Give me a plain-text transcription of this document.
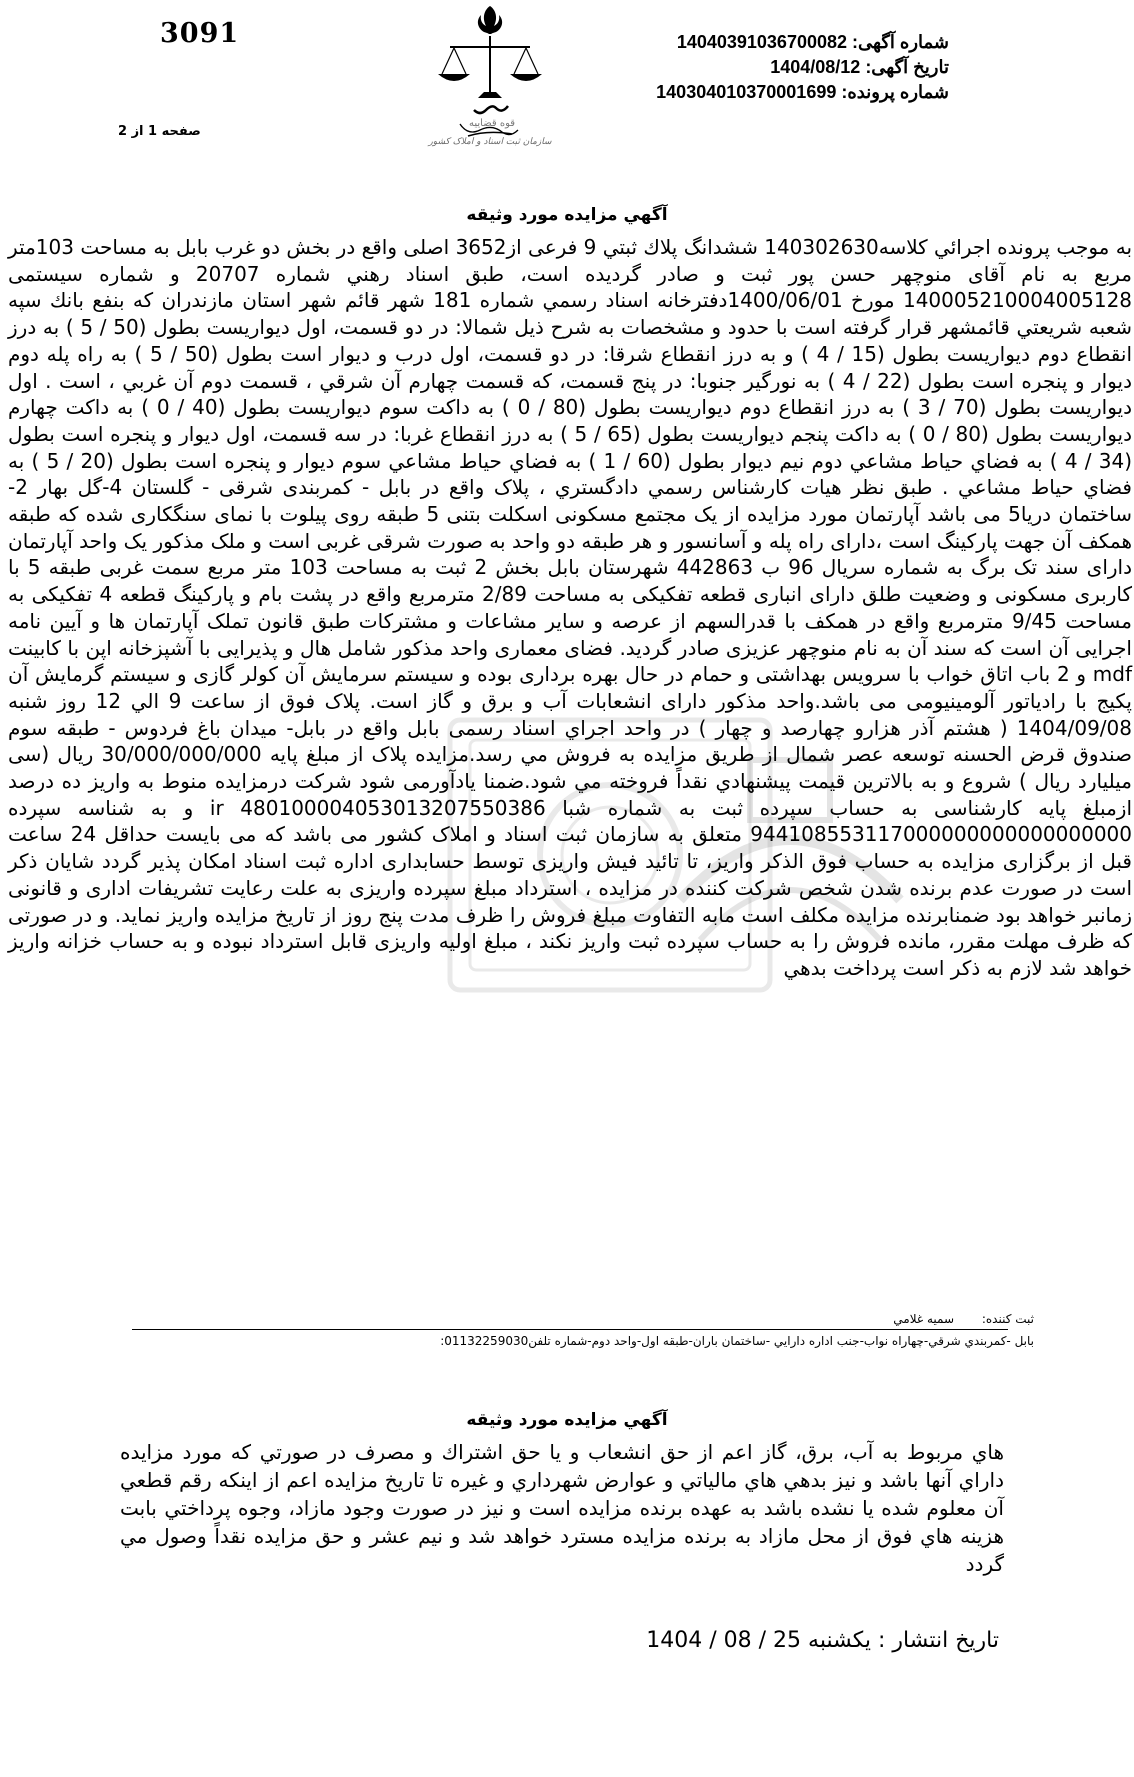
3091
صفحه 1 از 2
قوه قضاییه
سازمان ثبت اسناد و املاک کشور
شماره آگهی: 14040391036700082
تاریخ آگهی: 1404/08/12
شماره پرونده: 140304010370001699
آگهي مزايده مورد وثيقه
به موجب پرونده اجرائي كلاسه140302630 ششدانگ پلاك ثبتي 9 فرعی از3652 اصلی واقع در بخش دو غرب بابل به مساحت 103متر مربع به نام آقای منوچهر حسن پور ثبت و صادر گرديده است، طبق اسناد رهني شماره 20707 و شماره سیستمی 140005210004005128 مورخ 1400/06/01دفترخانه اسناد رسمي شماره 181 شهر قائم شهر استان مازندران كه بنفع بانك سپه شعبه شريعتي قائمشهر قرار گرفته است با حدود و مشخصات به شرح ذيل شمالا: در دو قسمت، اول دیواریست بطول (50 / 5 ) به درز انقطاع دوم دیواریست بطول (15 / 4 ) و به درز انقطاع شرقا: در دو قسمت، اول درب و دیوار است بطول (50 / 5 ) به راه پله دوم دیوار و پنجره است بطول (22 / 4 ) به نورگیر جنوبا: در پنج قسمت، كه قسمت چهارم آن شرقي ، قسمت دوم آن غربي ، است . اول دیواریست بطول (70 / 3 ) به درز انقطاع دوم دیواریست بطول (80 / 0 ) به داكت سوم دیواریست بطول (40 / 0 ) به داكت چهارم دیواریست بطول (80 / 0 ) به داكت پنجم دیواریست بطول (65 / 5 ) به درز انقطاع غربا: در سه قسمت، اول دیوار و پنجره است بطول (34 / 4 ) به فضاي حياط مشاعي دوم نيم ديوار بطول (60 / 1 ) به فضاي حياط مشاعي سوم ديوار و پنجره است بطول (20 / 5 ) به فضاي حياط مشاعي . طبق نظر هيات كارشناس رسمي دادگستري ، پلاک واقع در بابل - کمربندی شرقی - گلستان 4-گل بهار 2-ساختمان دريا5 می باشد آپارتمان مورد مزایده از یک مجتمع مسکونی اسکلت بتنی 5 طبقه روی پیلوت با نمای سنگکاری شده که طبقه همکف آن جهت پارکینگ است ،دارای راه پله و آسانسور و هر طبقه دو واحد به صورت شرقی غربی است و ملک مذکور یک واحد آپارتمان دارای سند تک برگ به شماره سریال 96 ب 442863 شهرستان بابل بخش 2 ثبت به مساحت 103 متر مربع سمت غربی طبقه 5 با کاربری مسکونی و وضعیت طلق دارای انباری قطعه تفکیکی به مساحت 2/89 مترمربع واقع در پشت بام و پارکینگ قطعه 4 تفکیکی به مساحت 9/45 مترمربع واقع در همکف با قدرالسهم از عرصه و سایر مشاعات و مشترکات طبق قانون تملک آپارتمان ها و آیین نامه اجرایی آن است که سند آن به نام منوچهر عزیزی صادر گردید. فضای معماری واحد مذکور شامل هال و پذیرایی با آشپزخانه اپن با کابینت mdf و 2 باب اتاق خواب با سرویس بهداشتی و حمام در حال بهره برداری بوده و سیستم سرمایش آن کولر گازی و سیستم گرمایش آن پکیج با رادیاتور آلومینیومی می باشد.واحد مذکور دارای انشعابات آب و برق و گاز است. پلاک فوق از ساعت 9 الي 12 روز شنبه 1404/09/08 ( هشتم آذر هزارو چهارصد و چهار ) در واحد اجراي اسناد رسمی بابل واقع در بابل- میدان باغ فردوس - طبقه سوم صندوق قرض الحسنه توسعه عصر شمال از طريق مزايده به فروش مي رسد.مزايده پلاک از مبلغ پايه 30/000/000/000 ريال (سی میلیارد ریال ) شروع و به بالاترين قيمت پيشنهادي نقداً فروخته مي شود.ضمنا يادآورمی شود شرکت درمزايده منوط به واريز ده درصد ازمبلغ پايه کارشناسی به حساب سپرده ثبت به شماره شبا ir 480100004053013207550386 و به شناسه سپرده 944108553117000000000000000000 متعلق به سازمان ثبت اسناد و املاک کشور می باشد که می بايست حداقل 24 ساعت قبل از برگزاری مزايده به حساب فوق الذکر واريز، تا تائيد فيش واريزی توسط حسابداری اداره ثبت اسناد امکان پذير گردد شايان ذکر است در صورت عدم برنده شدن شخص شرکت کننده در مزايده ، استرداد مبلغ سپرده واريزی به علت رعايت تشريفات اداری و قانونی زمانبر خواهد بود ضمنابرنده مزايده مکلف است مابه التفاوت مبلغ فروش را ظرف مدت پنج روز از تاريخ مزايده واريز نمايد. و در صورتی که ظرف مهلت مقرر، مانده فروش را به حساب سپرده ثبت واريز نکند ، مبلغ اوليه واريزی قابل استرداد نبوده و به حساب خزانه واريز خواهد شد لازم به ذکر است پرداخت بدهي
ثبت كننده: سميه غلامي
بابل -كمربندي شرقي-چهاراه نواب-جنب اداره دارايي -ساختمان باران-طبقه اول-واحد دوم-شماره تلفن01132259030:
آگهي مزايده مورد وثيقه
هاي مربوط به آب، برق، گاز اعم از حق انشعاب و يا حق اشتراك و مصرف در صورتي كه مورد مزايده داراي آنها باشد و نيز بدهي هاي مالياتي و عوارض شهرداري و غيره تا تاريخ مزايده اعم از اينكه رقم قطعي آن معلوم شده يا نشده باشد به عهده برنده مزايده است و نيز در صورت وجود مازاد، وجوه پرداختي بابت هزينه هاي فوق از محل مازاد به برنده مزايده مسترد خواهد شد و نيم عشر و حق مزايده نقداً وصول مي گردد
تاريخ انتشار : يكشنبه 25 / 08 / 1404
